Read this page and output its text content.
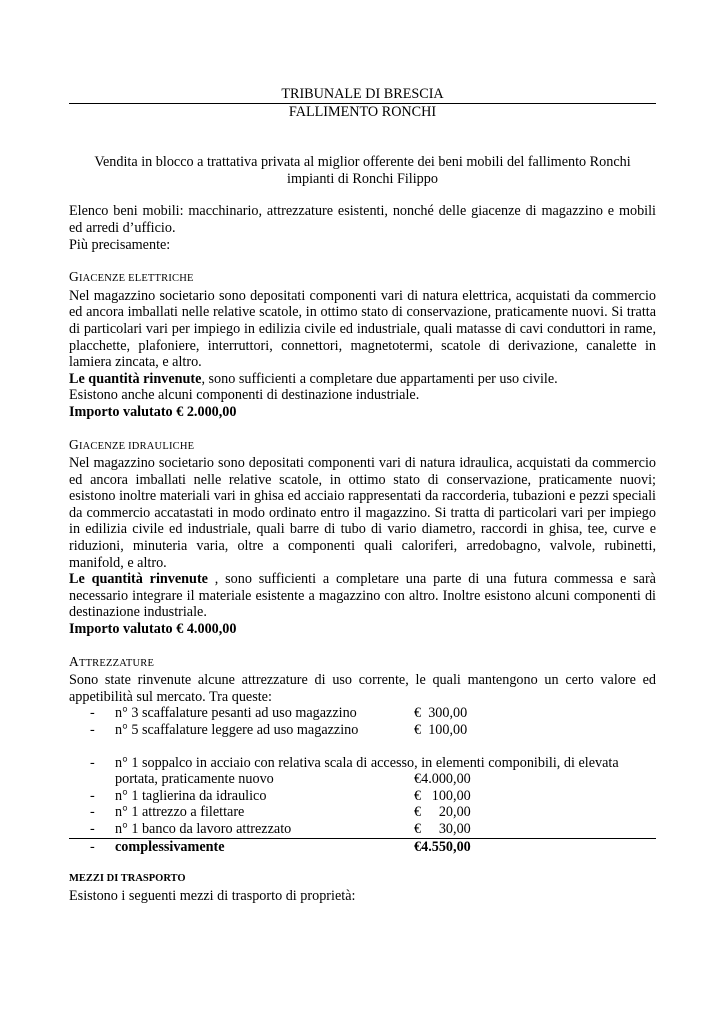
TRIBUNALE DI BRESCIA
FALLIMENTO RONCHI
Vendita in blocco a trattativa privata al miglior offerente dei beni mobili del fallimento Ronchi
impianti di Ronchi Filippo
Elenco beni mobili: macchinario, attrezzature esistenti, nonché delle giacenze di magazzino e mobili ed arredi d’ufficio.
Più precisamente:
GIACENZE ELETTRICHE
Nel magazzino societario sono depositati componenti vari di natura elettrica, acquistati da commercio ed ancora imballati nelle relative scatole, in ottimo stato di conservazione, praticamente nuovi. Si tratta di particolari vari per impiego in edilizia civile ed industriale, quali matasse di cavi conduttori in rame, placchette, plafoniere, interruttori, connettori, magnetotermi, scatole di derivazione, canalette in lamiera zincata, e altro.
Le quantità rinvenute, sono sufficienti a completare due appartamenti per uso civile.
Esistono anche alcuni componenti di destinazione industriale.
Importo valutato € 2.000,00
GIACENZE IDRAULICHE
Nel magazzino societario sono depositati componenti vari di natura idraulica, acquistati da commercio ed ancora imballati nelle relative scatole, in ottimo stato di conservazione, praticamente nuovi; esistono inoltre materiali vari in ghisa ed acciaio rappresentati da raccorderia, tubazioni e pezzi speciali da commercio accatastati in modo ordinato entro il magazzino. Si tratta di particolari vari per impiego in edilizia civile ed industriale, quali barre di tubo di vario diametro, raccordi in ghisa, tee, curve e riduzioni, minuteria varia, oltre a componenti quali caloriferi, arredobagno, valvole, rubinetti, manifold, e altro.
Le quantità rinvenute , sono sufficienti a completare una parte di una futura commessa e sarà necessario integrare il materiale esistente a magazzino con altro. Inoltre esistono alcuni componenti di destinazione industriale.
Importo valutato € 4.000,00
ATTREZZATURE
Sono state rinvenute alcune attrezzature di uso corrente, le quali mantengono un certo valore ed appetibilità sul mercato. Tra queste:
- n° 3 scaffalature pesanti ad uso magazzino	€  300,00
- n° 5 scaffalature leggere ad uso magazzino	€  100,00
- n° 1 soppalco in acciaio con relativa scala di accesso, in elementi componibili, di elevata
portata, praticamente nuovo	€4.000,00
- n° 1 taglierina da idraulico	€   100,00
- n° 1 attrezzo a filettare	€     20,00
- n° 1 banco da lavoro attrezzato	€     30,00
- complessivamente	€4.550,00
MEZZI DI TRASPORTO
Esistono i seguenti mezzi di trasporto di proprietà:
